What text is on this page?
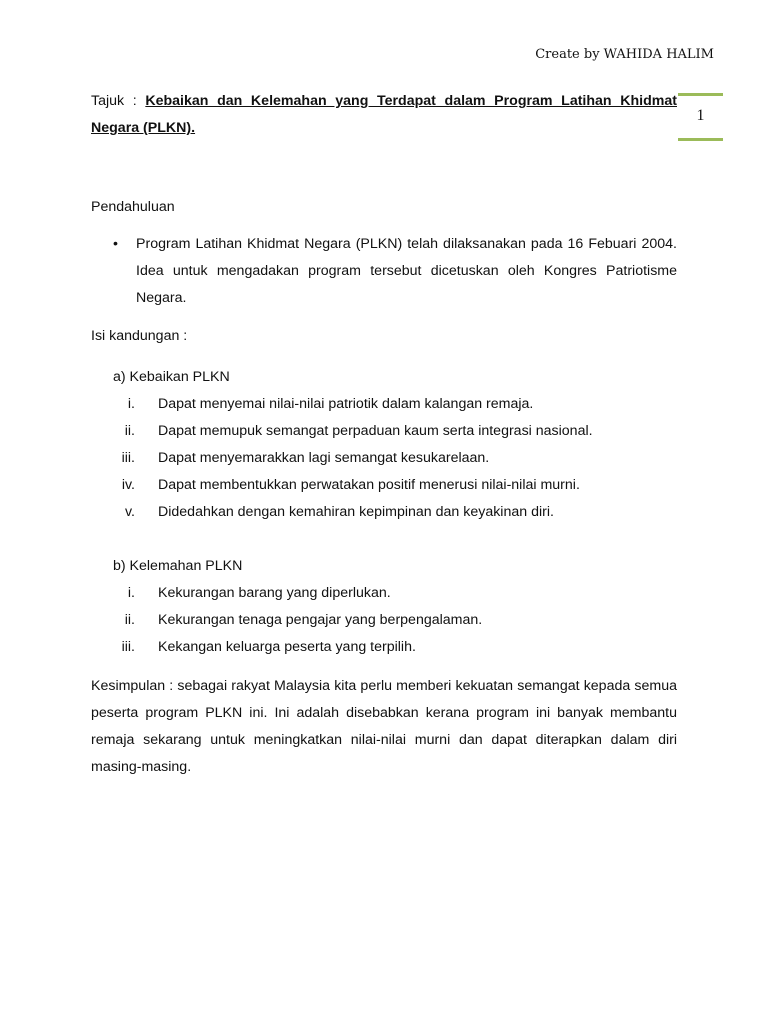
Create by WAHIDA HALIM
1

Tajuk : Kebaikan dan Kelemahan yang Terdapat dalam Program Latihan Khidmat Negara (PLKN).

Pendahuluan

• Program Latihan Khidmat Negara (PLKN) telah dilaksanakan pada 16 Febuari 2004. Idea untuk mengadakan program tersebut dicetuskan oleh Kongres Patriotisme Negara.

Isi kandungan :

a) Kebaikan PLKN

i. Dapat menyemai nilai-nilai patriotik dalam kalangan remaja.
ii. Dapat memupuk semangat perpaduan kaum serta integrasi nasional.
iii. Dapat menyemarakkan lagi semangat kesukarelaan.
iv. Dapat membentukkan perwatakan positif menerusi nilai-nilai murni.
v. Didedahkan dengan kemahiran kepimpinan dan keyakinan diri.

b) Kelemahan PLKN

i. Kekurangan barang yang diperlukan.
ii. Kekurangan tenaga pengajar yang berpengalaman.
iii. Kekangan keluarga peserta yang terpilih.

Kesimpulan : sebagai rakyat Malaysia kita perlu memberi kekuatan semangat kepada semua peserta program PLKN ini. Ini adalah disebabkan kerana program ini banyak membantu remaja sekarang untuk meningkatkan nilai-nilai murni dan dapat diterapkan dalam diri masing-masing.
